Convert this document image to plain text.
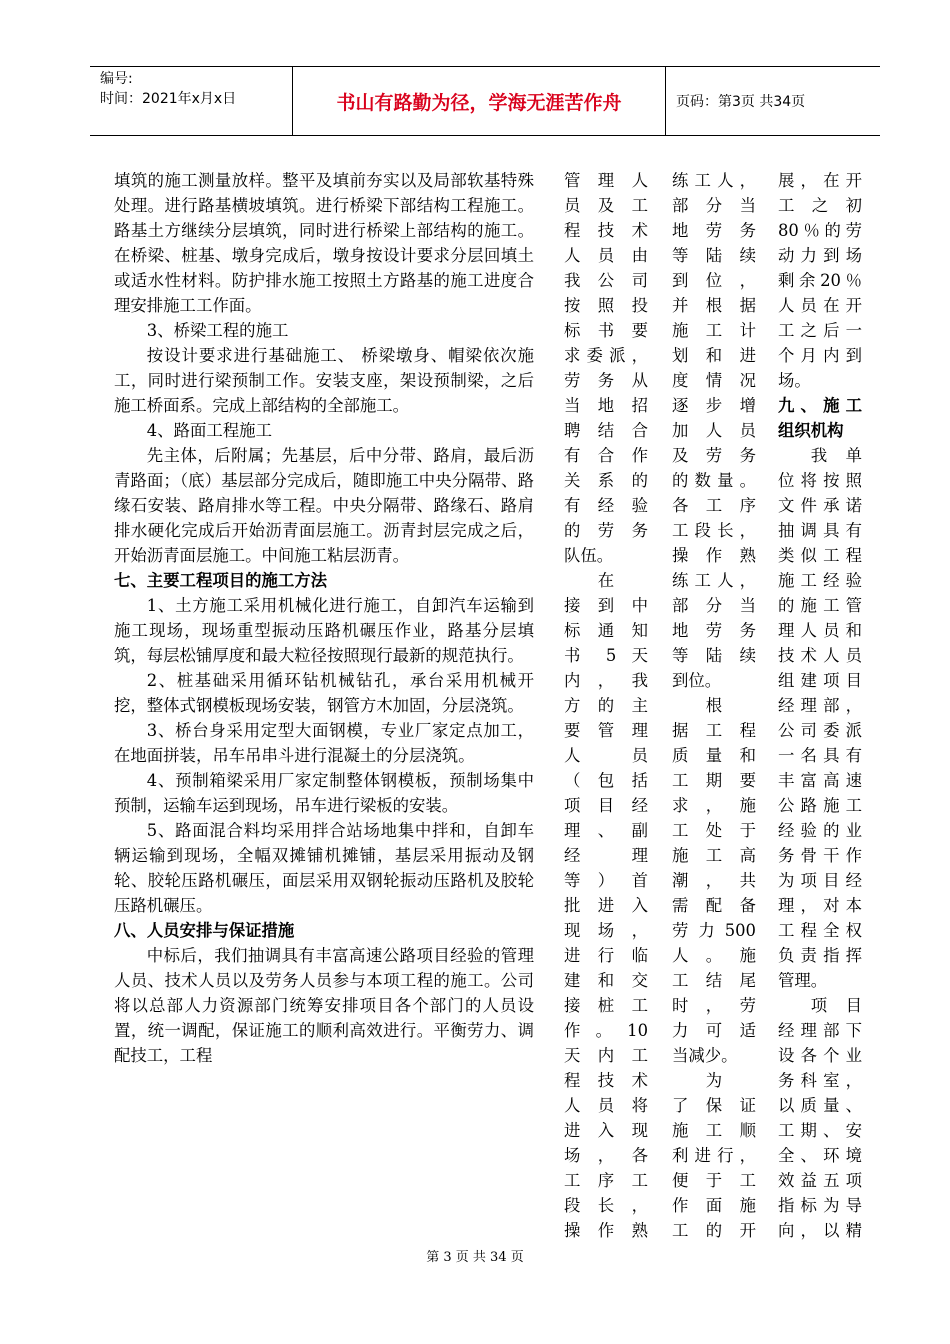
编号:
时间：2021年x月x日	书山有路勤为径，学海无涯苦作舟	页码：第3页 共34页

填筑的施工测量放样。整平及填前夯实以及局部软基特殊处理。进行路基横坡填筑。进行桥梁下部结构工程施工。路基土方继续分层填筑，同时进行桥梁上部结构的施工。在桥梁、桩基、墩身完成后，墩身按设计要求分层回填土或适水性材料。防护排水施工按照土方路基的施工进度合理安排施工工作面。

3、桥梁工程的施工

按设计要求进行基础施工、 桥梁墩身、帽梁依次施工，同时进行梁预制工作。安装支座，架设预制梁，之后施工桥面系。完成上部结构的全部施工。

4、路面工程施工

先主体，后附属；先基层，后中分带、路肩，最后沥青路面；（底）基层部分完成后，随即施工中央分隔带、路缘石安装、路肩排水等工程。中央分隔带、路缘石、路肩排水硬化完成后开始沥青面层施工。沥青封层完成之后，开始沥青面层施工。中间施工粘层沥青。

七、主要工程项目的施工方法

1、土方施工采用机械化进行施工，自卸汽车运输到施工现场，现场重型振动压路机碾压作业，路基分层填筑，每层松铺厚度和最大粒径按照现行最新的规范执行。

2、桩基础采用循环钻机械钻孔，承台采用机械开挖，整体式钢模板现场安装，钢管方木加固，分层浇筑。

3、桥台身采用定型大面钢模，专业厂家定点加工，在地面拼装，吊车吊串斗进行混凝土的分层浇筑。

4、预制箱梁采用厂家定制整体钢模板，预制场集中预制，运输车运到现场，吊车进行梁板的安装。

5、路面混合料均采用拌合站场地集中拌和，自卸车辆运输到现场，全幅双摊铺机摊铺，基层采用振动及钢轮、胶轮压路机碾压，面层采用双钢轮振动压路机及胶轮压路机碾压。

八、人员安排与保证措施

中标后，我们抽调具有丰富高速公路项目经验的管理人员、技术人员以及劳务人员参与本项工程的施工。公司将以总部人力资源部门统筹安排项目各个部门的人员设置，统一调配，保证施工的顺利高效进行。平衡劳力、调配技工，工程

管理人

员及工

程技术

人员由

我公司

按照投

标书要

求委派，

劳务从

当地招

聘结合

有合作

关系的

有经验

的劳务

队伍。

在

接到中

标通知

书 5 天

内，我

方的主

要管理

人 员

（包括

项目经

理、副

经 理

等）首

批进入

现场，

进行临

建和交

接桩工

作。10

天内工

程技术

人员将

进入现

场，各

工序工

段长，

操作熟

练工人，

部分当

地劳务

等陆续

到位，

并根据

施工计

划和进

度情况

逐步增

加人员

及劳务

的数量。

各工序

工段长，

操作熟

练工人，

部分当

地劳务

等陆续

到位。

根

据工程

质量和

工期要

求，施

工处于

施工高

潮，共

需配备

劳力500

人。施

工结尾

时，劳

力可适

当减少。

为

了保证

施工顺

利进行，

便于工

作面施

工的开

展，在开

工之初

80％的劳

动力到场

剩余20％

人员在开

工之后一

个月内到

场。

九、施工

组织机构

我单

位将按照

文件承诺

抽调具有

类似工程

施工经验

的施工管

理人员和

技术人员

组建项目

经理部，

公司委派

一名具有

丰富高速

公路施工

经验的业

务骨干作

为项目经

理，对本

工程全权

负责指挥

管理。

项目

经理部下

设各个业

务科室，

以质量、

工期、安

全、环境

效益五项

指标为导

向，以精

第 3 页 共 34 页
